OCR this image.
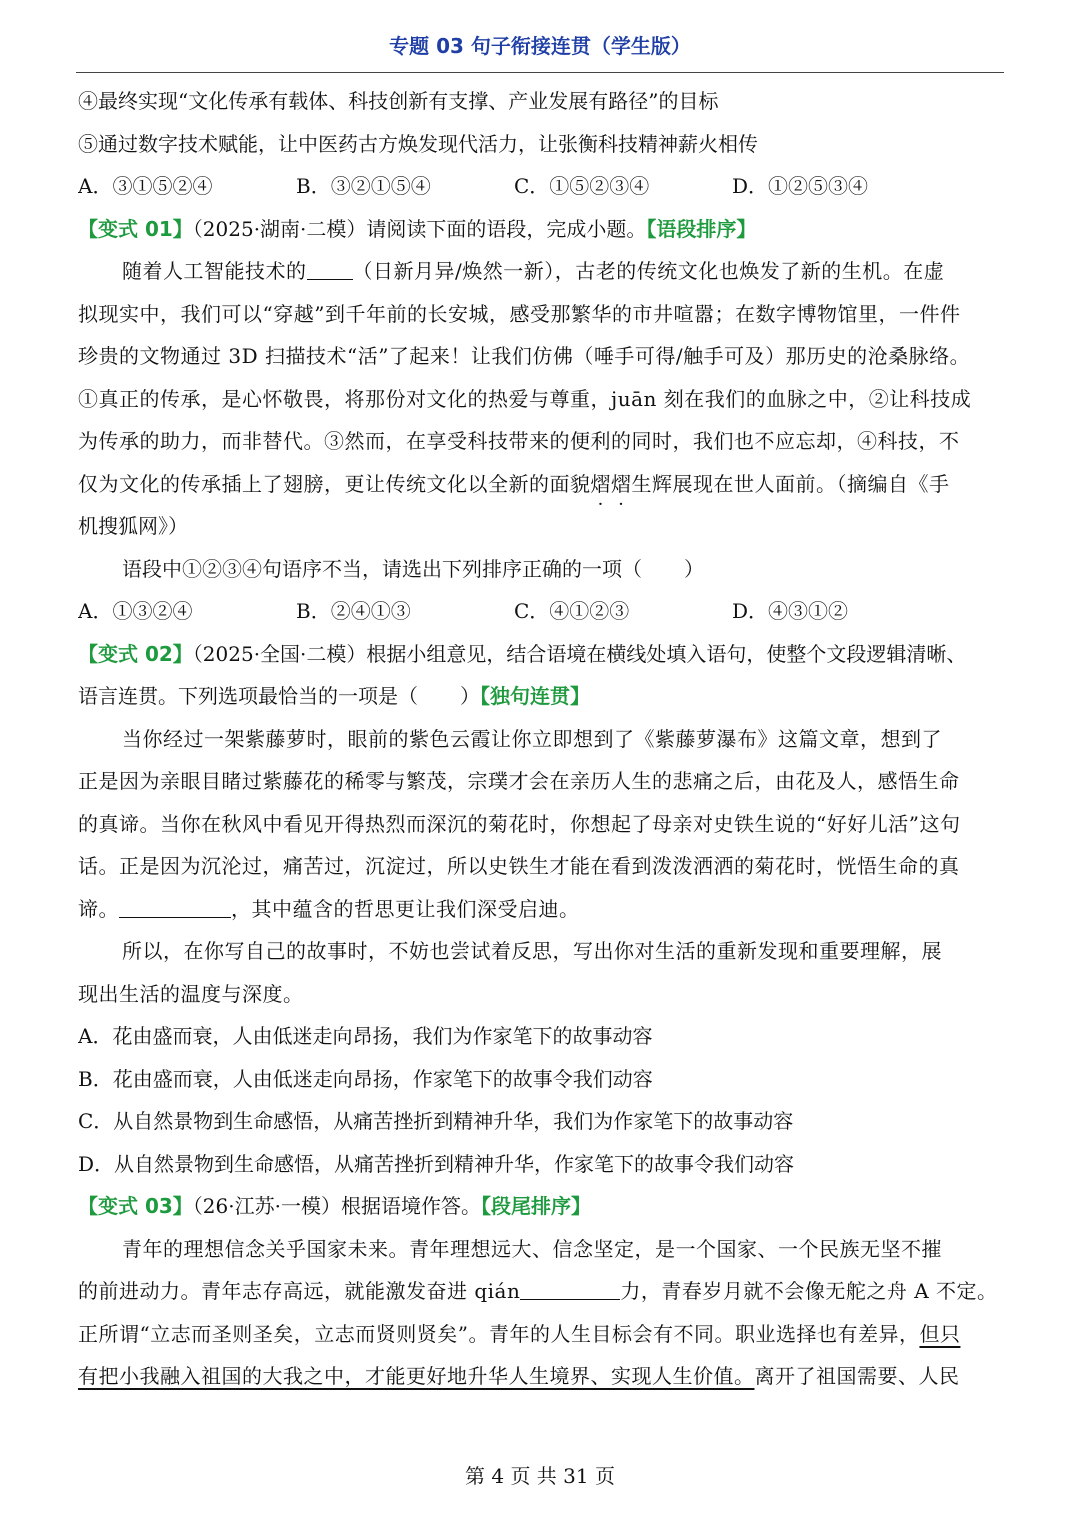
专题 03 句子衔接连贯（学生版）
④最终实现“文化传承有载体、科技创新有支撑、产业发展有路径”的目标
⑤通过数字技术赋能，让中医药古方焕发现代活力，让张衡科技精神薪火相传
A．③①⑤②④	B．③②①⑤④	C．①⑤②③④	D．①②⑤③④
【变式 01】（2025·湖南·二模）请阅读下面的语段，完成小题。【语段排序】
随着人工智能技术的 （日新月异/焕然一新），古老的传统文化也焕发了新的生机。在虚
拟现实中，我们可以“穿越”到千年前的长安城，感受那繁华的市井喧嚣；在数字博物馆里，一件件
珍贵的文物通过 3D 扫描技术“活”了起来！让我们仿佛（唾手可得/触手可及）那历史的沧桑脉络。
①真正的传承，是心怀敬畏，将那份对文化的热爱与尊重，juān 刻在我们的血脉之中，②让科技成
为传承的助力，而非替代。③然而，在享受科技带来的便利的同时，我们也不应忘却，④科技，不
仅为文化的传承插上了翅膀，更让传统文化以全新的面貌熠熠生辉展现在世人面前。（摘编自《手
机搜狐网》）
语段中①②③④句语序不当，请选出下列排序正确的一项（ ）
A．①③②④	B．②④①③	C．④①②③	D．④③①②
【变式 02】（2025·全国·二模）根据小组意见，结合语境在横线处填入语句，使整个文段逻辑清晰、
语言连贯。下列选项最恰当的一项是（ ）【独句连贯】
当你经过一架紫藤萝时，眼前的紫色云霞让你立即想到了《紫藤萝瀑布》这篇文章，想到了
正是因为亲眼目睹过紫藤花的稀零与繁茂，宗璞才会在亲历人生的悲痛之后，由花及人，感悟生命
的真谛。当你在秋风中看见开得热烈而深沉的菊花时，你想起了母亲对史铁生说的“好好儿活”这句
话。正是因为沉沦过，痛苦过，沉淀过，所以史铁生才能在看到泼泼洒洒的菊花时，恍悟生命的真
谛。	，其中蕴含的哲思更让我们深受启迪。
所以，在你写自己的故事时，不妨也尝试着反思，写出你对生活的重新发现和重要理解，展
现出生活的温度与深度。
A．花由盛而衰，人由低迷走向昂扬，我们为作家笔下的故事动容
B．花由盛而衰，人由低迷走向昂扬，作家笔下的故事令我们动容
C．从自然景物到生命感悟，从痛苦挫折到精神升华，我们为作家笔下的故事动容
D．从自然景物到生命感悟，从痛苦挫折到精神升华，作家笔下的故事令我们动容
【变式 03】（26·江苏·一模）根据语境作答。【段尾排序】
青年的理想信念关乎国家未来。青年理想远大、信念坚定，是一个国家、一个民族无坚不摧
的前进动力。青年志存高远，就能激发奋进 qián	力，青春岁月就不会像无舵之舟 A 不定。
正所谓“立志而圣则圣矣，立志而贤则贤矣”。青年的人生目标会有不同。职业选择也有差异，但只
有把小我融入祖国的大我之中，才能更好地升华人生境界、实现人生价值。离开了祖国需要、人民
第 4 页 共 31 页
